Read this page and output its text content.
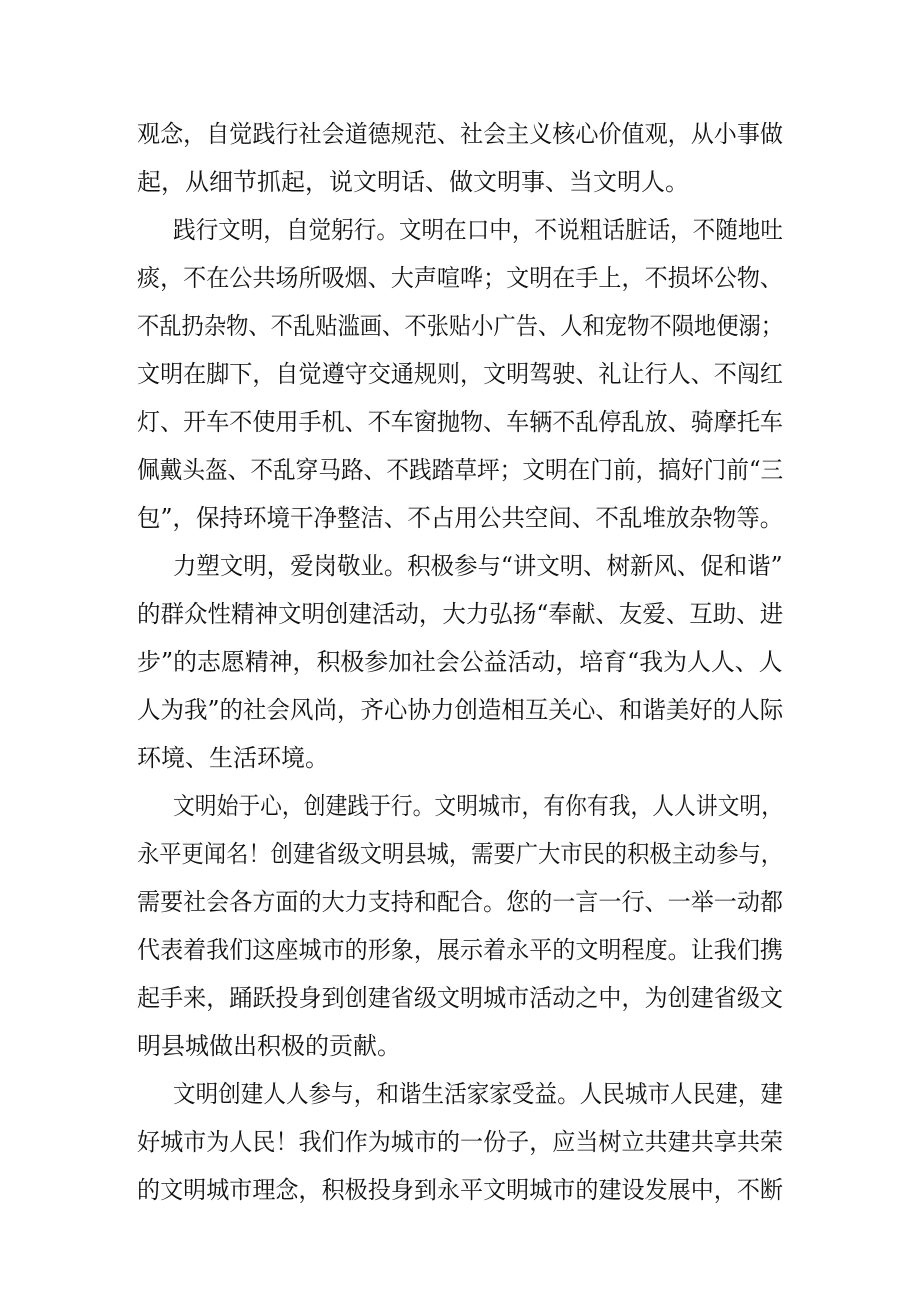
观念，自觉践行社会道德规范、社会主义核心价值观，从小事做
起，从细节抓起，说文明话、做文明事、当文明人。
践行文明，自觉躬行。文明在口中，不说粗话脏话，不随地吐
痰，不在公共场所吸烟、大声喧哗；文明在手上，不损坏公物、
不乱扔杂物、不乱贴滥画、不张贴小广告、人和宠物不陨地便溺；
文明在脚下，自觉遵守交通规则，文明驾驶、礼让行人、不闯红
灯、开车不使用手机、不车窗抛物、车辆不乱停乱放、骑摩托车
佩戴头盔、不乱穿马路、不践踏草坪；文明在门前，搞好门前“三
包”，保持环境干净整洁、不占用公共空间、不乱堆放杂物等。
力塑文明，爱岗敬业。积极参与“讲文明、树新风、促和谐”
的群众性精神文明创建活动，大力弘扬“奉献、友爱、互助、进
步”的志愿精神，积极参加社会公益活动，培育“我为人人、人
人为我”的社会风尚，齐心协力创造相互关心、和谐美好的人际
环境、生活环境。
文明始于心，创建践于行。文明城市，有你有我，人人讲文明，
永平更闻名！创建省级文明县城，需要广大市民的积极主动参与，
需要社会各方面的大力支持和配合。您的一言一行、一举一动都
代表着我们这座城市的形象，展示着永平的文明程度。让我们携
起手来，踊跃投身到创建省级文明城市活动之中，为创建省级文
明县城做出积极的贡献。
文明创建人人参与，和谐生活家家受益。人民城市人民建，建
好城市为人民！我们作为城市的一份子，应当树立共建共享共荣
的文明城市理念，积极投身到永平文明城市的建设发展中，不断
